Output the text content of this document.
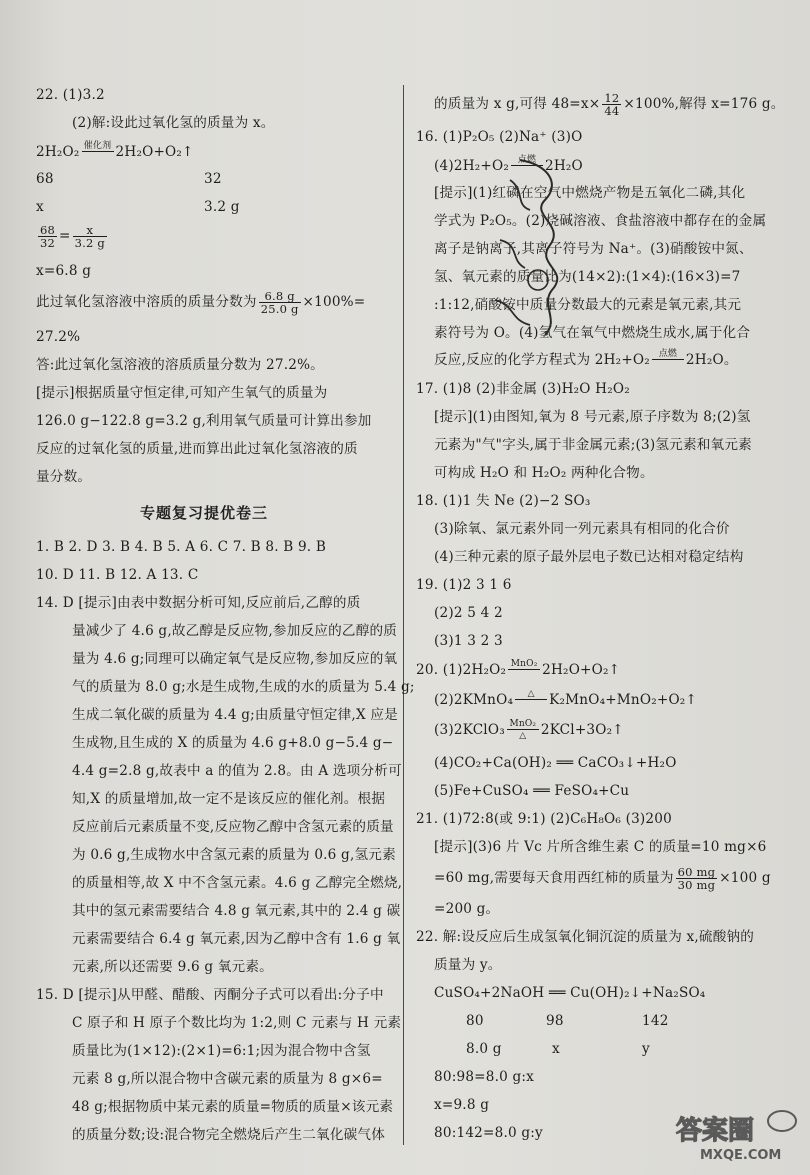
22. (1)3.2
(2)解:设此过氧化氢的质量为 x。
2H₂O₂ 催化剂
2H₂O+O₂↑
68	32
x	3.2 g
$\frac{68}{32} = \frac{x}{3.2 g}$
x=6.8 g
此过氧化氢溶液中溶质的质量分数为 $\frac{6.8 g}{25.0 g} \times 100\%=$
27.2%
答:此过氧化氢溶液的溶质质量分数为 27.2%。
[提示]根据质量守恒定律,可知产生氧气的质量为
126.0 g−122.8 g=3.2 g,利用氧气质量可计算出参加
反应的过氧化氢的质量,进而算出此过氧化氢溶液的质
量分数。
专题复习提优卷三
1. B 2. D 3. B 4. B 5. A 6. C 7. B 8. B 9. B
10. D 11. B 12. A 13. C
14. D [提示]由表中数据分析可知,反应前后,乙醇的质
量减少了 4.6 g,故乙醇是反应物,参加反应的乙醇的质
量为 4.6 g;同理可以确定氧气是反应物,参加反应的氧
气的质量为 8.0 g;水是生成物,生成的水的质量为 5.4 g;
生成二氧化碳的质量为 4.4 g;由质量守恒定律,X 应是
生成物,且生成的 X 的质量为 4.6 g+8.0 g−5.4 g−
4.4 g=2.8 g,故表中 a 的值为 2.8。由 A 选项分析可
知,X 的质量增加,故一定不是该反应的催化剂。根据
反应前后元素质量不变,反应物乙醇中含氢元素的质量
为 0.6 g,生成物水中含氢元素的质量为 0.6 g,氢元素
的质量相等,故 X 中不含氢元素。4.6 g 乙醇完全燃烧,
其中的氢元素需要结合 4.8 g 氧元素,其中的 2.4 g 碳
元素需要结合 6.4 g 氧元素,因为乙醇中含有 1.6 g 氧
元素,所以还需要 9.6 g 氧元素。
15. D [提示]从甲醛、醋酸、丙酮分子式可以看出:分子中
C 原子和 H 原子个数比均为 1:2,则 C 元素与 H 元素
质量比为(1×12):(2×1)=6:1;因为混合物中含氢
元素 8 g,所以混合物中含碳元素的质量为 8 g×6=
48 g;根据物质中某元素的质量=物质的质量×该元素
的质量分数;设:混合物完全燃烧后产生二氧化碳气体
的质量为 x g,可得 $48=x\times \frac{12}{44} \times 100\%$,解得 x=176 g。
16. (1)P₂O₅ (2)Na⁺ (3)O
(4)2H₂+O₂ 点燃
2H₂O
[提示](1)红磷在空气中燃烧产物是五氧化二磷,其化
学式为 P₂O₅。(2)烧碱溶液、食盐溶液中都存在的金属
离子是钠离子,其离子符号为 Na⁺。(3)硝酸铵中氮、
氢、氧元素的质量比为(14×2):(1×4):(16×3)=7
:1:12,硝酸铵中质量分数最大的元素是氧元素,其元
素符号为 O。(4)氢气在氧气中燃烧生成水,属于化合
反应,反应的化学方程式为 2H₂+O₂ 点燃
2H₂O。
17. (1)8 (2)非金属 (3)H₂O H₂O₂
[提示](1)由图知,氧为 8 号元素,原子序数为 8;(2)氢
元素为"气"字头,属于非金属元素;(3)氢元素和氧元素
可构成 H₂O 和 H₂O₂ 两种化合物。
18. (1)1 失 Ne (2)−2 SO₃
(3)除氧、氯元素外同一列元素具有相同的化合价
(4)三种元素的原子最外层电子数已达相对稳定结构
19. (1)2 3 1 6
(2)2 5 4 2
(3)1 3 2 3
20. (1)2H₂O₂ MnO₂
2H₂O+O₂↑
(2)2KMnO₄	△
	K₂MnO₄+MnO₂+O₂↑
(3)2KClO₃ MnO₂
△	2KCl+3O₂↑
(4)CO₂+Ca(OH)₂ ══ CaCO₃↓+H₂O
(5)Fe+CuSO₄ ══ FeSO₄+Cu
21. (1)72:8(或 9:1) (2)C₆H₈O₆ (3)200
[提示](3)6 片 Vc 片所含维生素 C 的质量=10 mg×6
=60 mg,需要每天食用西红柿的质量为 $\frac{60 mg}{30 mg} \times 100$ g
=200 g。
22. 解:设反应后生成氢氧化铜沉淀的质量为 x,硫酸钠的
质量为 y。
CuSO₄+2NaOH ══ Cu(OH)₂↓+Na₂SO₄
80	98	142
8.0 g	x	y
80:98=8.0 g:x
x=9.8 g
80:142=8.0 g:y	答案圈
MXQE.COM
